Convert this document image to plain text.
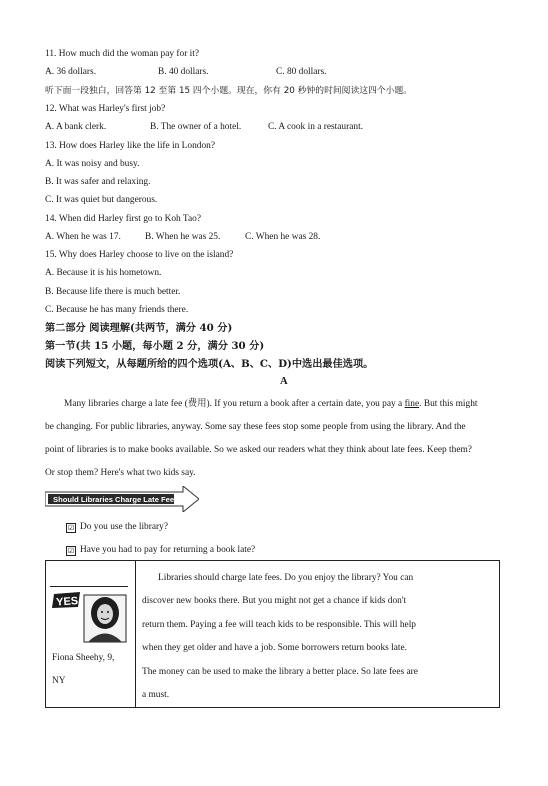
11. How much did the woman pay for it?
A. 36 dollars.	B. 40 dollars.	C. 80 dollars.
听下面一段独白，回答第 12 至第 15 四个小题。现在，你有 20 秒钟的时间阅读这四个小题。
12. What was Harley's first job?
A. A bank clerk.	B. The owner of a hotel.	C. A cook in a restaurant.
13. How does Harley like the life in London?
A. It was noisy and busy.
B. It was safer and relaxing.
C. It was quiet but dangerous.
14. When did Harley first go to Koh Tao?
A. When he was 17.	B. When he was 25.	C. When he was 28.
15. Why does Harley choose to live on the island?
A. Because it is his hometown.
B. Because life there is much better.
C. Because he has many friends there.
第二部分 阅读理解(共两节，满分 40 分)
第一节(共 15 小题，每小题 2 分，满分 30 分)
阅读下列短文，从每题所给的四个选项(A、B、C、D)中选出最佳选项。
A
Many libraries charge a late fee (费用). If you return a book after a certain date, you pay a fine. But this might
be changing. For public libraries, anyway. Some say these fees stop some people from using the library. And the
point of libraries is to make books available. So we asked our readers what they think about late fees. Keep them?
Or stop them? Here's what two kids say.
Should Libraries Charge Late Fees?
☑ Do you use the library?
☑ Have you had to pay for returning a book late?
YES
Fiona Sheehy, 9,
NY

Libraries should charge late fees. Do you enjoy the library? You can
discover new books there. But you might not get a chance if kids don't
return them. Paying a fee will teach kids to be responsible. This will help
when they get older and have a job. Some borrowers return books late.
The money can be used to make the library a better place. So late fees are
a must.
